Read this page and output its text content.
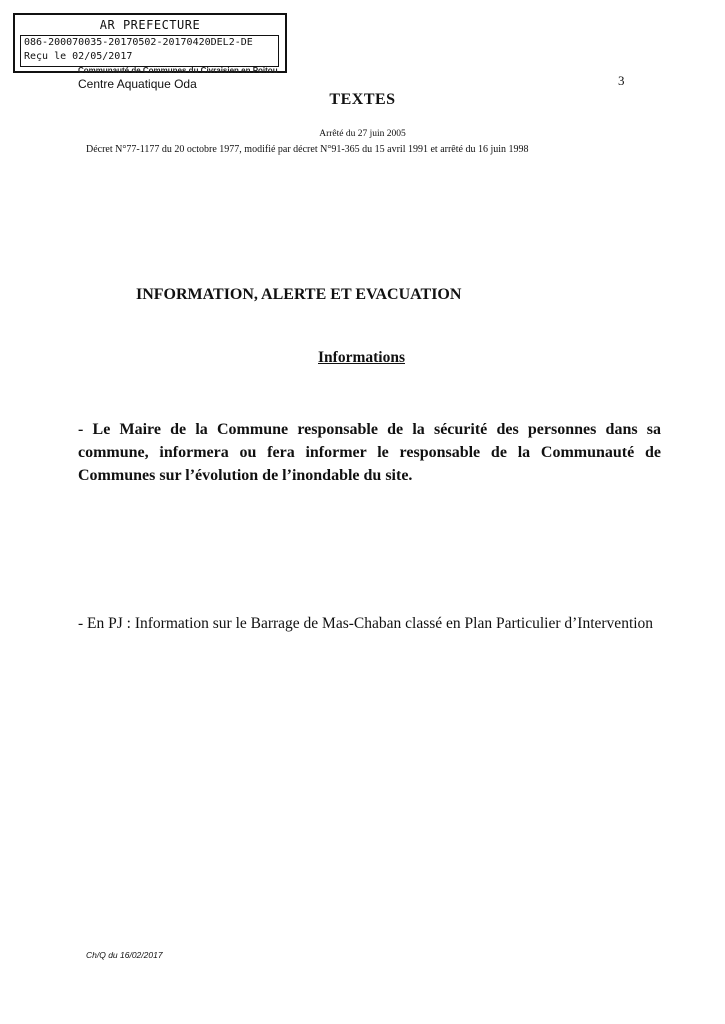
AR PREFECTURE
086-200070035-20170502-20170420DEL2-DE
Reçu le 02/05/2017
Communauté de Communes du Civraisien en Poitou
Centre Aquatique Oda	3
TEXTES
Arrêté du 27 juin 2005
Décret N°77-1177 du 20 octobre 1977, modifié par décret N°91-365 du 15 avril 1991 et arrêté du 16 juin 1998
INFORMATION, ALERTE ET EVACUATION
Informations
- Le Maire de la Commune responsable de la sécurité des personnes dans sa commune, informera ou fera informer le responsable de la Communauté de Communes sur l’évolution de l’inondable du site.
- En PJ : Information sur le Barrage de Mas-Chaban classé en Plan Particulier d’Intervention
Ch/Q du 16/02/2017
